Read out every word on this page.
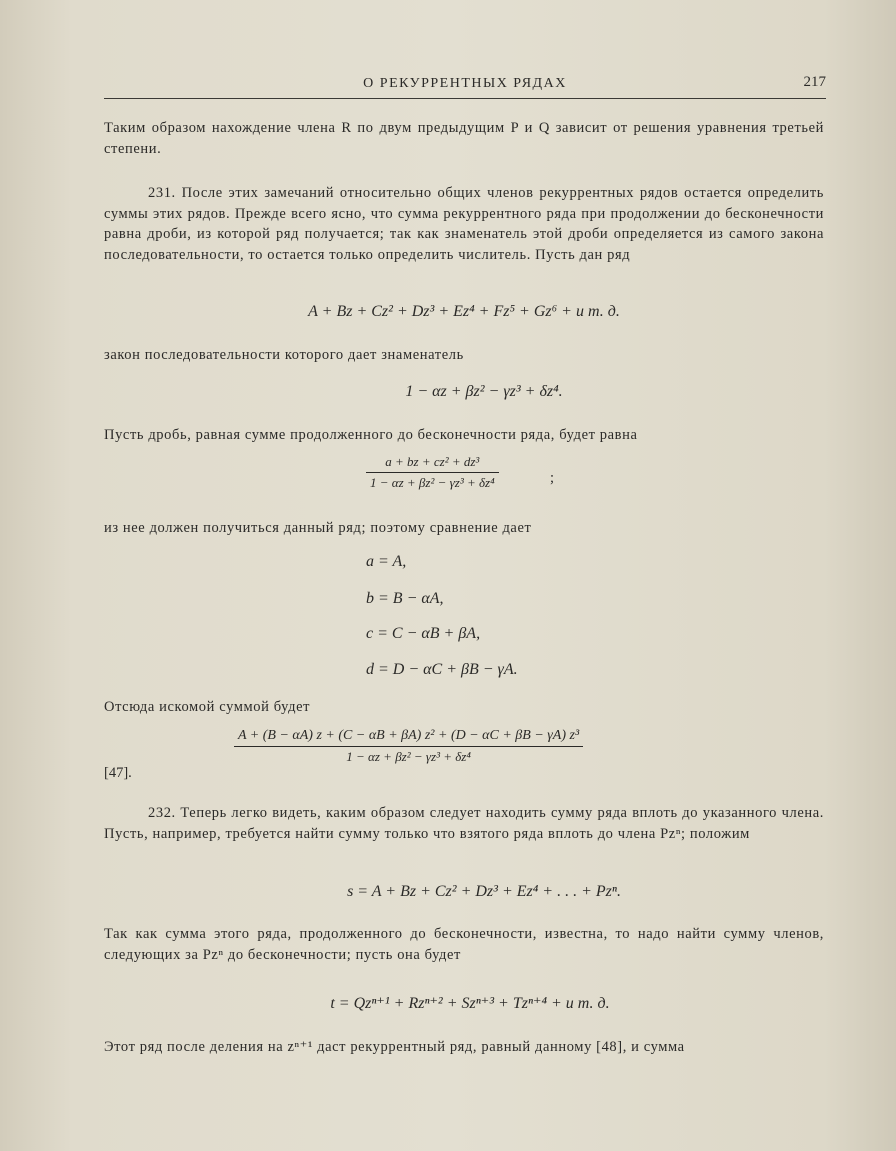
О РЕКУРРЕНТНЫХ РЯДАХ	217
Таким образом нахождение члена R по двум предыдущим P и Q зависит от решения уравнения третьей степени.
231. После этих замечаний относительно общих членов рекуррентных рядов остается определить суммы этих рядов. Прежде всего ясно, что сумма рекуррентного ряда при продолжении до бесконечности равна дроби, из которой ряд получается; так как знаменатель этой дроби определяется из самого закона последовательности, то остается только определить числитель. Пусть дан ряд
A + Bz + Cz² + Dz³ + Ez⁴ + Fz⁵ + Gz⁶ + и т. д.
закон последовательности которого дает знаменатель
1 − αz + βz² − γz³ + δz⁴.
Пусть дробь, равная сумме продолженного до бесконечности ряда, будет равна
$\frac{\text{a + bz + cz² + dz³}}{\text{1 − αz + βz² − γz³ + δz⁴}}$	;
из нее должен получиться данный ряд; поэтому сравнение дает
a = A,
b = B − αA,
c = C − αB + βA,
d = D − αC + βB − γA.
Отсюда искомой суммой будет
$\frac{\text{A + (B − αA) z + (C − αB + βA) z² + (D − αC + βB − γA) z³}}{\text{1 − αz + βz² − γz³ + δz⁴}}$
[47].
232. Теперь легко видеть, каким образом следует находить сумму ряда вплоть до указанного члена. Пусть, например, требуется найти сумму только что взятого ряда вплоть до члена Pzⁿ; положим
s = A + Bz + Cz² + Dz³ + Ez⁴ + . . . + Pzⁿ.
Так как сумма этого ряда, продолженного до бесконечности, известна, то надо найти сумму членов, следующих за Pzⁿ до бесконечности; пусть она будет
t = Qzⁿ⁺¹ + Rzⁿ⁺² + Szⁿ⁺³ + Tzⁿ⁺⁴ + и т. д.
Этот ряд после деления на zⁿ⁺¹ даст рекуррентный ряд, равный данному [48], и сумма
